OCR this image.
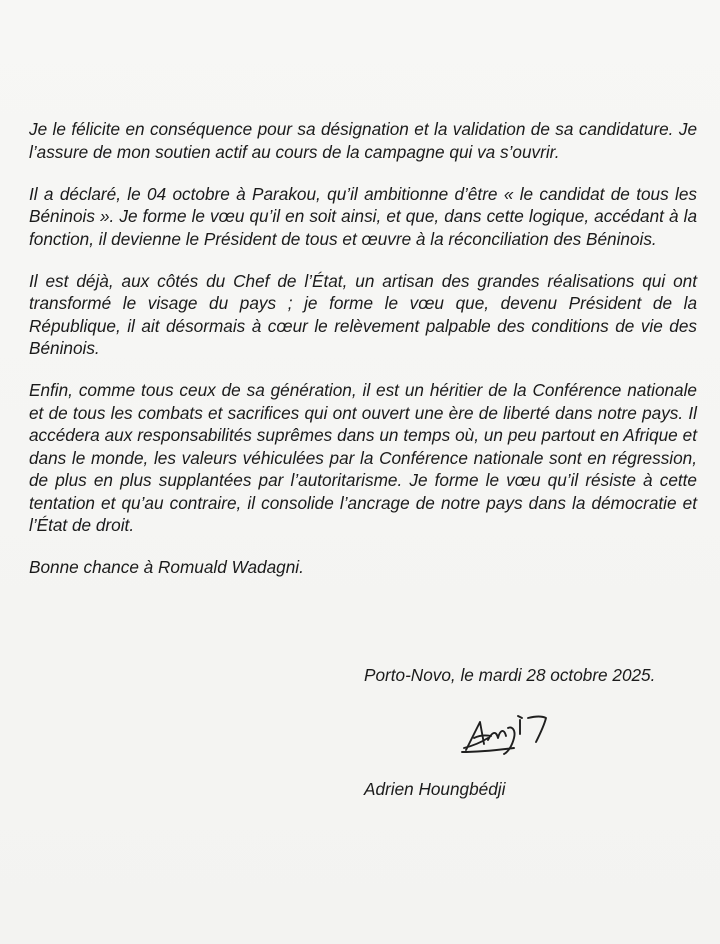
Je le félicite en conséquence pour sa désignation et la validation de sa candidature. Je l’assure de mon soutien actif au cours de la campagne qui va s’ouvrir.

Il a déclaré, le 04 octobre à Parakou, qu’il ambitionne d’être « le candidat de tous les Béninois ». Je forme le vœu qu’il en soit ainsi, et que, dans cette logique, accédant à la fonction, il devienne le Président de tous et œuvre à la réconciliation des Béninois.

Il est déjà, aux côtés du Chef de l’État, un artisan des grandes réalisations qui ont transformé le visage du pays ; je forme le vœu que, devenu Président de la République, il ait désormais à cœur le relèvement palpable des conditions de vie des Béninois.

Enfin, comme tous ceux de sa génération, il est un héritier de la Conférence nationale et de tous les combats et sacrifices qui ont ouvert une ère de liberté dans notre pays. Il accédera aux responsabilités suprêmes dans un temps où, un peu partout en Afrique et dans le monde, les valeurs véhiculées par la Conférence nationale sont en régression, de plus en plus supplantées par l’autoritarisme. Je forme le vœu qu’il résiste à cette tentation et qu’au contraire, il consolide l’ancrage de notre pays dans la démocratie et l’État de droit.

Bonne chance à Romuald Wadagni.

Porto-Novo, le mardi 28 octobre 2025.
Adrien Houngbédji
